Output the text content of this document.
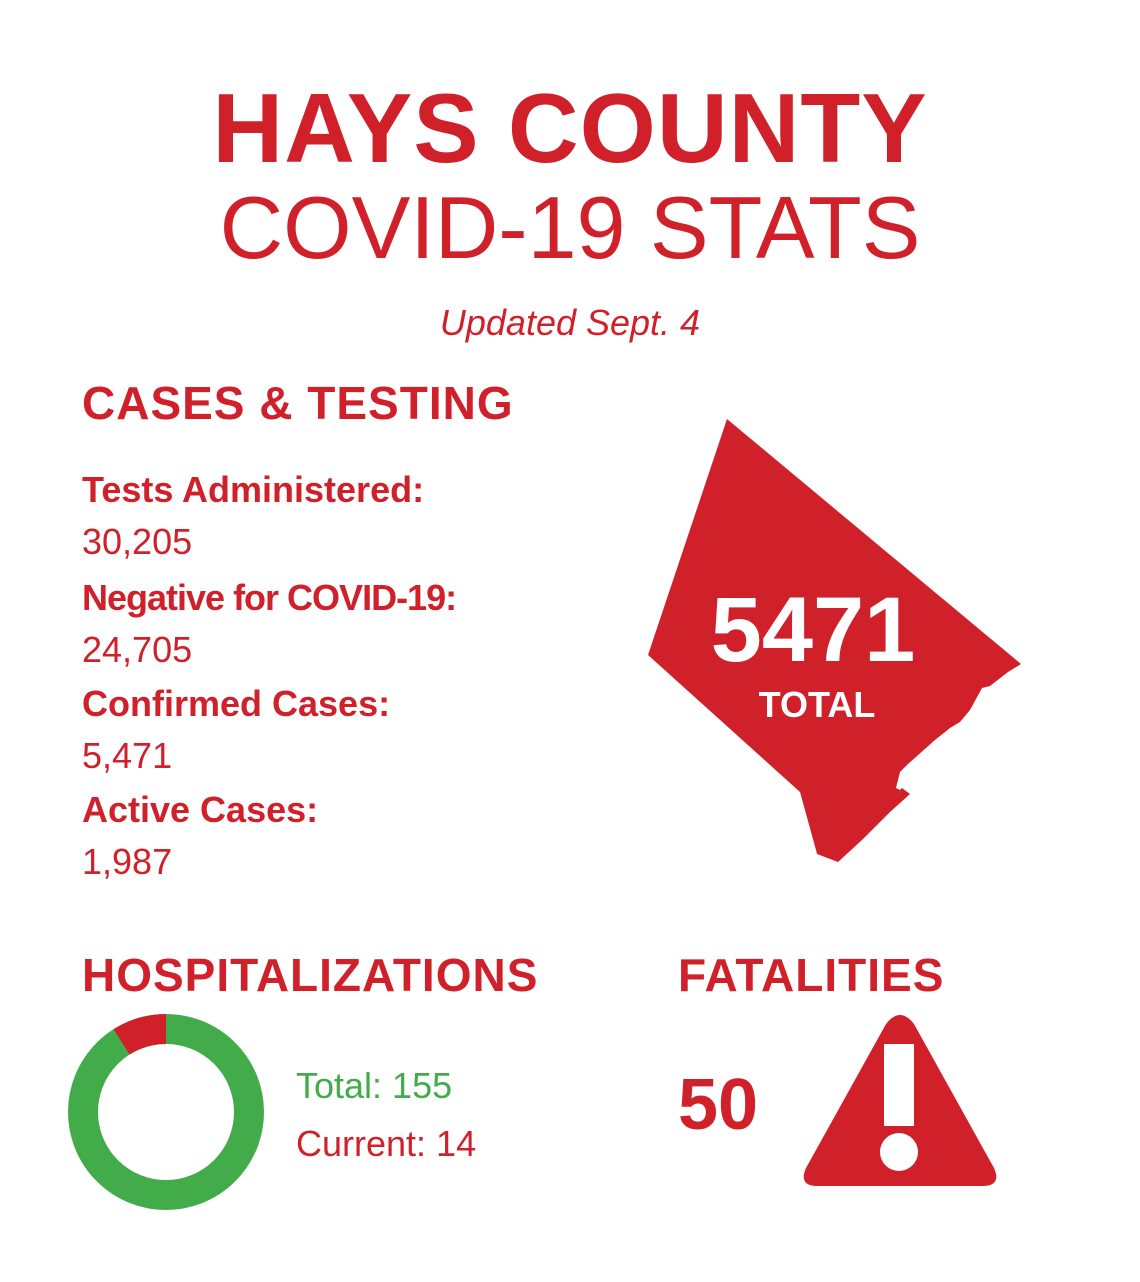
HAYS COUNTY
COVID-19 STATS
Updated Sept. 4
CASES & TESTING
Tests Administered:
30,205
Negative for COVID-19:
24,705
Confirmed Cases:
5,471
Active Cases:
1,987
5471
TOTAL
HOSPITALIZATIONS
Total: 155
Current: 14
FATALITIES
50
